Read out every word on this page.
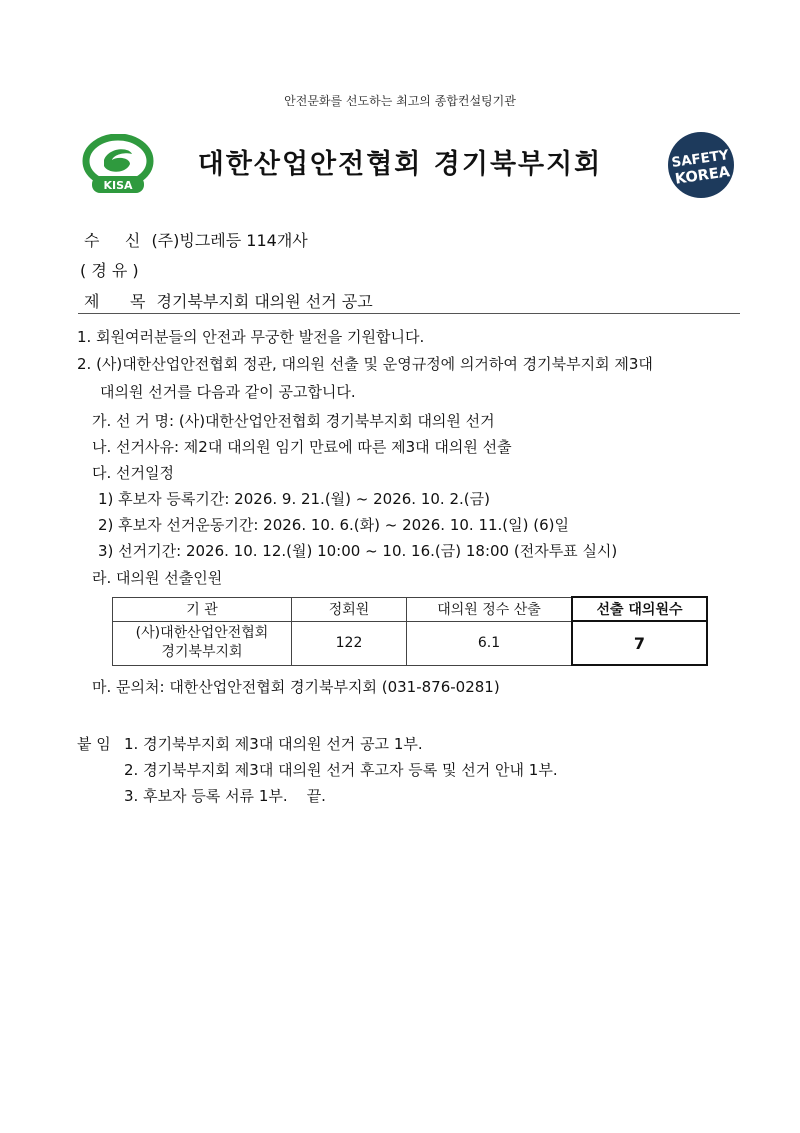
안전문화를 선도하는 최고의 종합컨설팅기관
KISA
대한산업안전협회 경기북부지회	SAFETY
KOREA
수     신 (주)빙그레등 114개사
( 경 유 )
제      목 경기북부지회 대의원 선거 공고
1. 회원여러분들의 안전과 무궁한 발전을 기원합니다.
2. (사)대한산업안전협회 정관, 대의원 선출 및 운영규정에 의거하여 경기북부지회 제3대
대의원 선거를 다음과 같이 공고합니다.
가. 선 거 명: (사)대한산업안전협회 경기북부지회 대의원 선거
나. 선거사유: 제2대 대의원 임기 만료에 따른 제3대 대의원 선출
다. 선거일정
1) 후보자 등록기간: 2026. 9. 21.(월) ~ 2026. 10. 2.(금)
2) 후보자 선거운동기간: 2026. 10. 6.(화) ~ 2026. 10. 11.(일) (6)일
3) 선거기간: 2026. 10. 12.(월) 10:00 ~ 10. 16.(금) 18:00 (전자투표 실시)
라. 대의원 선출인원
기 관	정회원	대의원 정수 산출	선출 대의원수

(사)대한산업안전협회
경기북부지회	122	6.1	7
마. 문의처: 대한산업안전협회 경기북부지회 (031-876-0281)
붙 임 1. 경기북부지회 제3대 대의원 선거 공고 1부.
2. 경기북부지회 제3대 대의원 선거 후고자 등록 및 선거 안내 1부.
3. 후보자 등록 서류 1부.    끝.
